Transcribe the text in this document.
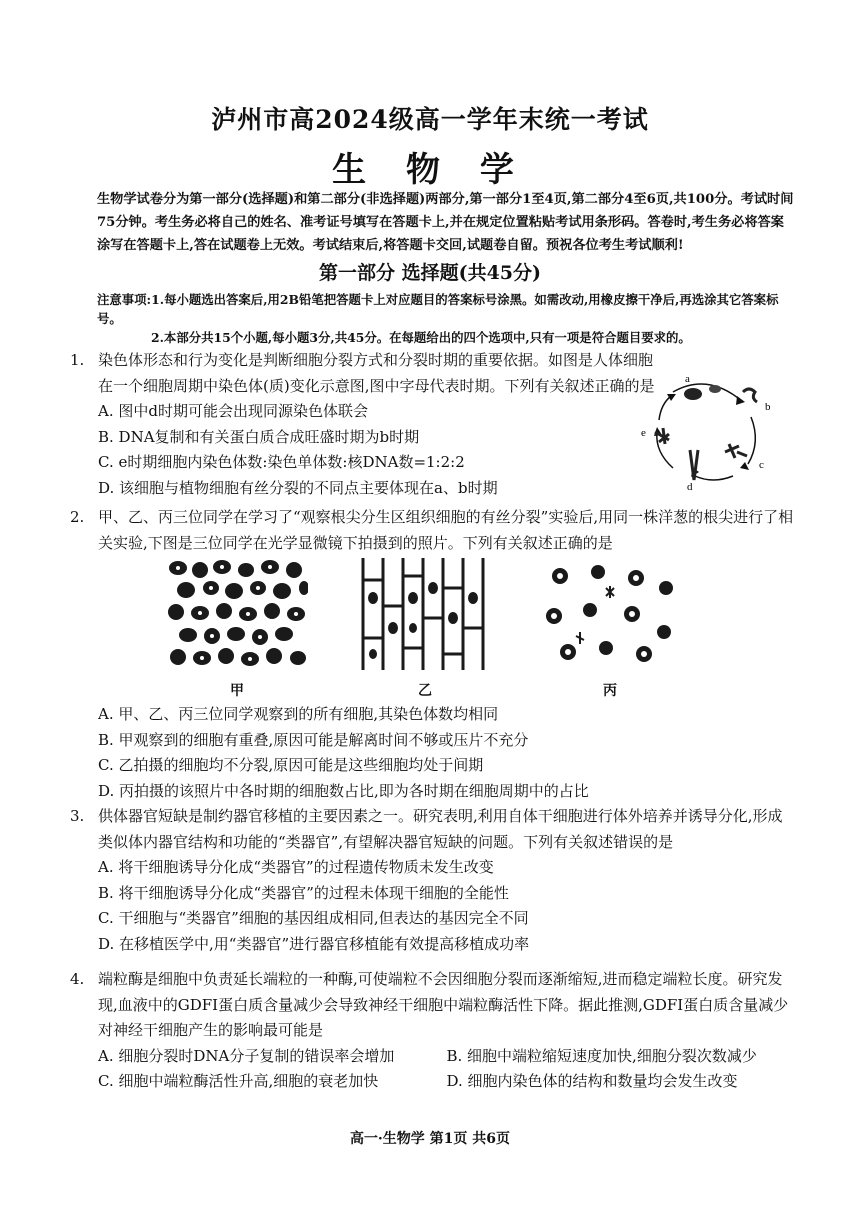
泸州市高2024级高一学年末统一考试
生 物 学
生物学试卷分为第一部分(选择题)和第二部分(非选择题)两部分,第一部分1至4页,第二部分4至6页,共100分。考试时间75分钟。考生务必将自己的姓名、准考证号填写在答题卡上,并在规定位置粘贴考试用条形码。答卷时,考生务必将答案涂写在答题卡上,答在试题卷上无效。考试结束后,将答题卡交回,试题卷自留。预祝各位考生考试顺利!
第一部分 选择题(共45分)
注意事项:1.每小题选出答案后,用2B铅笔把答题卡上对应题目的答案标号涂黑。如需改动,用橡皮擦干净后,再选涂其它答案标号。
2.本部分共15个小题,每小题3分,共45分。在每题给出的四个选项中,只有一项是符合题目要求的。
1. 染色体形态和行为变化是判断细胞分裂方式和分裂时期的重要依据。如图是人体细胞在一个细胞周期中染色体(质)变化示意图,图中字母代表时期。下列有关叙述正确的是
A. 图中d时期可能会出现同源染色体联会
B. DNA复制和有关蛋白质合成旺盛时期为b时期
C. e时期细胞内染色体数:染色单体数:核DNA数=1:2:2
D. 该细胞与植物细胞有丝分裂的不同点主要体现在a、b时期
a
b
c
d
e
2. 甲、乙、丙三位同学在学习了“观察根尖分生区组织细胞的有丝分裂”实验后,用同一株洋葱的根尖进行了相关实验,下图是三位同学在光学显微镜下拍摄到的照片。下列有关叙述正确的是
甲	乙	丙
A. 甲、乙、丙三位同学观察到的所有细胞,其染色体数均相同
B. 甲观察到的细胞有重叠,原因可能是解离时间不够或压片不充分
C. 乙拍摄的细胞均不分裂,原因可能是这些细胞均处于间期
D. 丙拍摄的该照片中各时期的细胞数占比,即为各时期在细胞周期中的占比
3. 供体器官短缺是制约器官移植的主要因素之一。研究表明,利用自体干细胞进行体外培养并诱导分化,形成类似体内器官结构和功能的“类器官”,有望解决器官短缺的问题。下列有关叙述错误的是
A. 将干细胞诱导分化成“类器官”的过程遗传物质未发生改变
B. 将干细胞诱导分化成“类器官”的过程未体现干细胞的全能性
C. 干细胞与“类器官”细胞的基因组成相同,但表达的基因完全不同
D. 在移植医学中,用“类器官”进行器官移植能有效提高移植成功率
4. 端粒酶是细胞中负责延长端粒的一种酶,可使端粒不会因细胞分裂而逐渐缩短,进而稳定端粒长度。研究发现,血液中的GDFI蛋白质含量减少会导致神经干细胞中端粒酶活性下降。据此推测,GDFI蛋白质含量减少对神经干细胞产生的影响最可能是
A. 细胞分裂时DNA分子复制的错误率会增加	B. 细胞中端粒缩短速度加快,细胞分裂次数减少
C. 细胞中端粒酶活性升高,细胞的衰老加快	D. 细胞内染色体的结构和数量均会发生改变
高一·生物学 第1页 共6页
